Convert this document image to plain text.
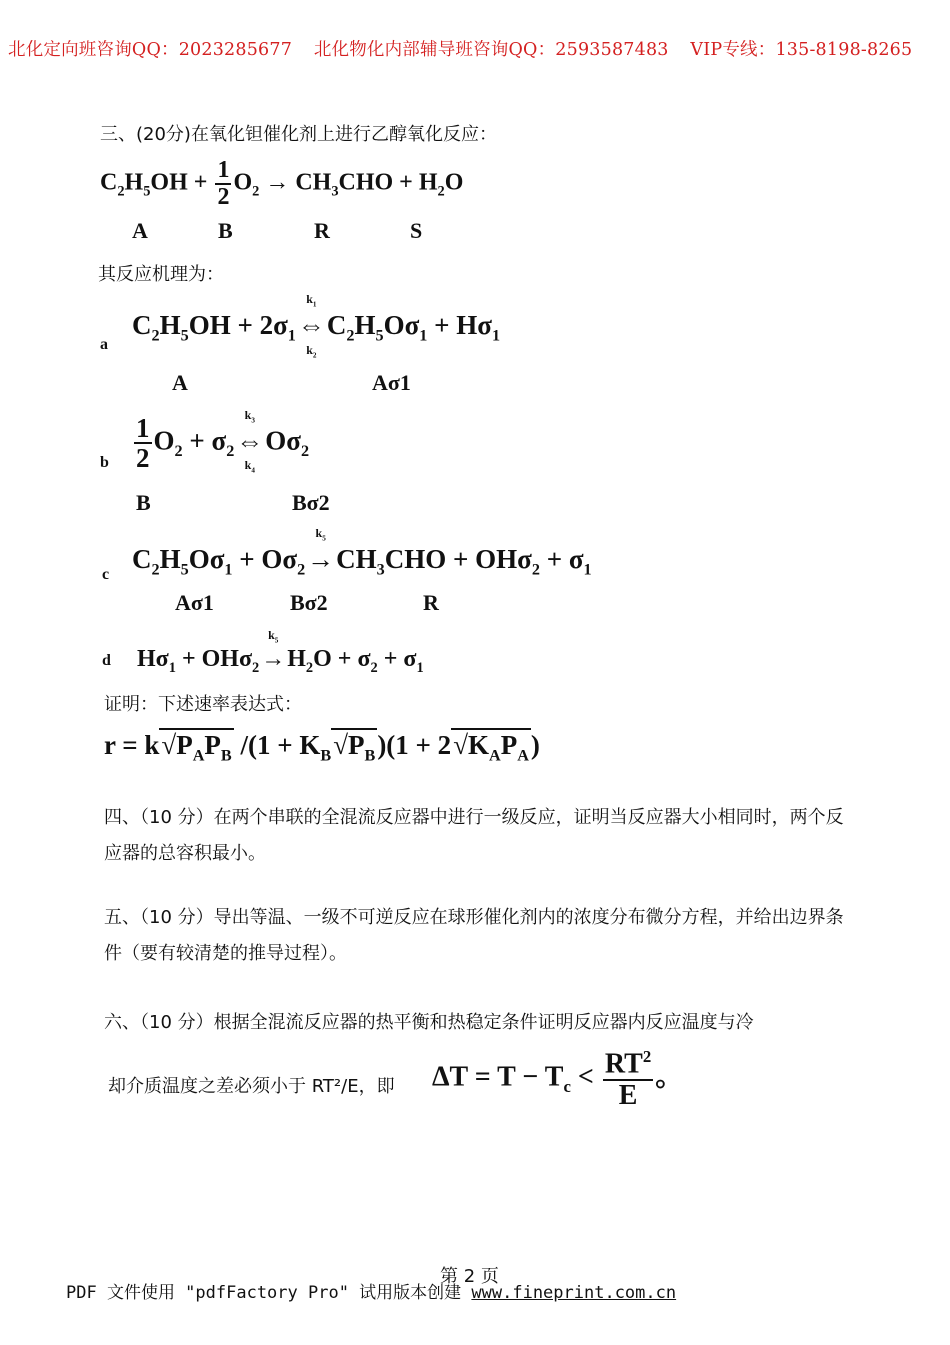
北化定向班咨询QQ：2023285677 北化物化内部辅导班咨询QQ：2593587483 VIP专线：135-8198-8265
三、(20分)在氧化钽催化剂上进行乙醇氧化反应：
$C_2H_5OH + \frac{1}{2} O_2 \to CH_3CHO + H_2O$
A	B	R	S
其反应机理为：
a
$C_2H_5OH + 2\sigma_1$
$k_1$
⇔
$k_2$
$C_2H_5O\sigma_1 + H\sigma_1$
A	Aσ1
b $\frac{1}{2} O_2 + \sigma_2$
$k_3$
⇔
$k_4$
$O\sigma_2$
B	Bσ2
c
$C_2H_5O\sigma_1 + O\sigma_2$
$k_5$
$\to CH_3CHO + OH\sigma_2 + \sigma_1$
Aσ1	Bσ2	R
d $H\sigma_1 + OH\sigma_2$
$k_5$
$\to H_2O + \sigma_2 + \sigma_1$
证明：下述速率表达式：
$r = k√P_AP_B$ $/(1 + K_B√P_B)(1 + 2√K_AP_A)$
四、（10 分）在两个串联的全混流反应器中进行一级反应，证明当反应器大小相同时，两个反应器的总容积最小。
五、（10 分）导出等温、一级不可逆反应在球形催化剂内的浓度分布微分方程，并给出边界条件（要有较清楚的推导过程）。
六、（10 分）根据全混流反应器的热平衡和热稳定条件证明反应器内反应温度与冷
却介质温度之差必须小于 RT²/E，即 $\Delta T = T - T_c < \frac{RT^2}{E}$ 。
第 2 页
PDF 文件使用 "pdfFactory Pro" 试用版本创建 www.fineprint.com.cn
